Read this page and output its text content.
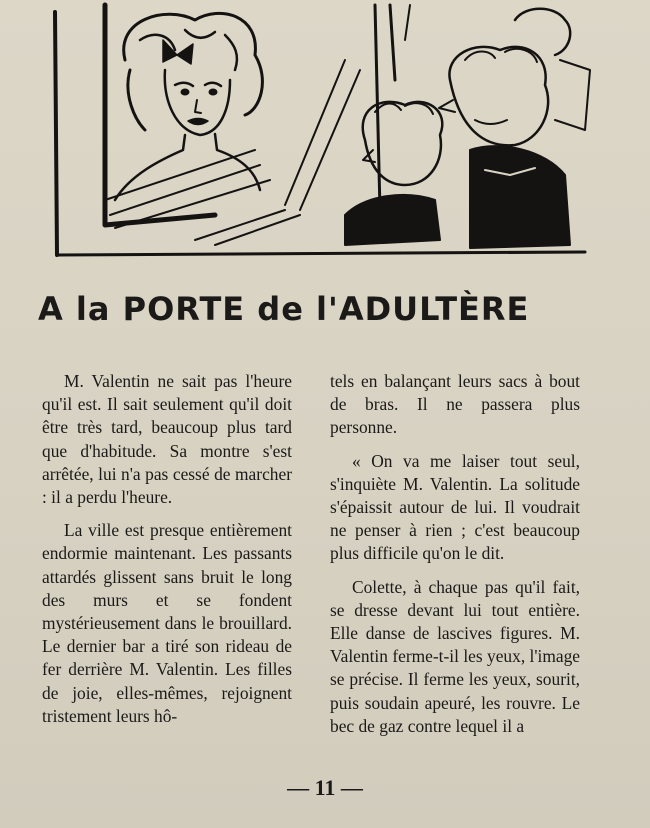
E. roc
A la PORTE de l'ADULTÈRE

M. Valentin ne sait pas l'heure qu'il est. Il sait seulement qu'il doit être très tard, beaucoup plus tard que d'habitude. Sa montre s'est arrêtée, lui n'a pas cessé de marcher : il a perdu l'heure.

La ville est presque entièrement endormie maintenant. Les passants attardés glissent sans bruit le long des murs et se fondent mystérieusement dans le brouillard. Le dernier bar a tiré son rideau de fer derrière M. Valentin. Les filles de joie, elles-mêmes, rejoignent tristement leurs hô-

tels en balançant leurs sacs à bout de bras. Il ne passera plus personne.

« On va me laiser tout seul, s'inquiète M. Valentin. La solitude s'épaissit autour de lui. Il voudrait ne penser à rien ; c'est beaucoup plus difficile qu'on le dit.

Colette, à chaque pas qu'il fait, se dresse devant lui tout entière. Elle danse de lascives figures. M. Valentin ferme-t-il les yeux, l'image se précise. Il ferme les yeux, sourit, puis soudain apeuré, les rouvre. Le bec de gaz contre lequel il a

— 11 —
